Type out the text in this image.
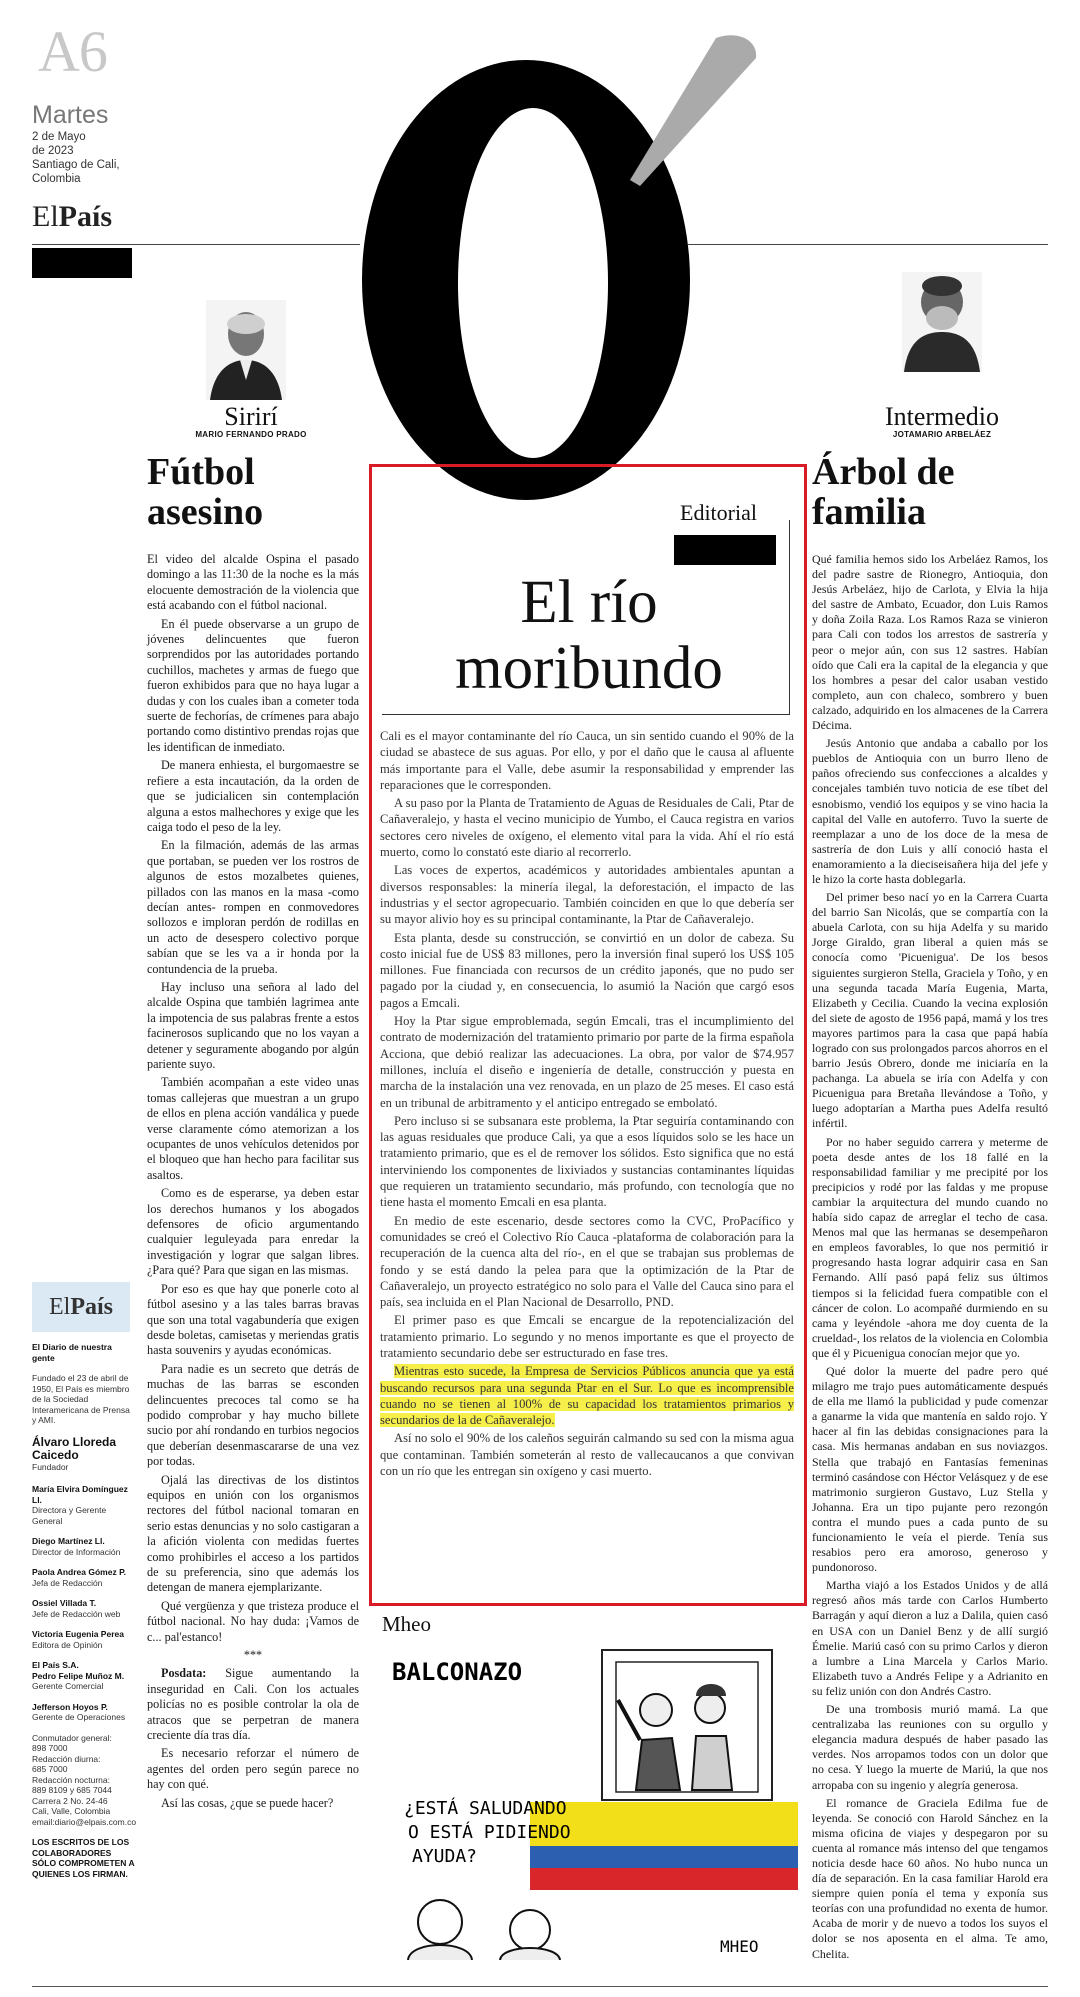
A6
Martes
2 de Mayo
de 2023
Santiago de Cali,
Colombia
ElPaís
Sirirí
MARIO FERNANDO PRADO
Intermedio
JOTAMARIO ARBELÁEZ
Fútbol asesino

El video del alcalde Ospina el pasado domingo a las 11:30 de la noche es la más elocuente demostración de la violencia que está acabando con el fútbol nacional.

En él puede observarse a un grupo de jóvenes delincuentes que fueron sorprendidos por las autoridades portando cuchillos, machetes y armas de fuego que fueron exhibidos para que no haya lugar a dudas y con los cuales iban a cometer toda suerte de fechorías, de crímenes para abajo portando como distintivo prendas rojas que les identifican de inmediato.

De manera enhiesta, el burgomaestre se refiere a esta incautación, da la orden de que se judicialicen sin contemplación alguna a estos malhechores y exige que les caiga todo el peso de la ley.

En la filmación, además de las armas que portaban, se pueden ver los rostros de algunos de estos mozalbetes quienes, pillados con las manos en la masa -como decían antes- rompen en conmovedores sollozos e imploran perdón de rodillas en un acto de desespero colectivo porque sabían que se les va a ir honda por la contundencia de la prueba.

Hay incluso una señora al lado del alcalde Ospina que también lagrimea ante la impotencia de sus palabras frente a estos facinerosos suplicando que no los vayan a detener y seguramente abogando por algún pariente suyo.

También acompañan a este video unas tomas callejeras que muestran a un grupo de ellos en plena acción vandálica y puede verse claramente cómo atemorizan a los ocupantes de unos vehículos detenidos por el bloqueo que han hecho para facilitar sus asaltos.

Como es de esperarse, ya deben estar los derechos humanos y los abogados defensores de oficio argumentando cualquier leguleyada para enredar la investigación y lograr que salgan libres. ¿Para qué? Para que sigan en las mismas.

Por eso es que hay que ponerle coto al fútbol asesino y a las tales barras bravas que son una total vagabundería que exigen desde boletas, camisetas y meriendas gratis hasta souvenirs y ayudas económicas.

Para nadie es un secreto que detrás de muchas de las barras se esconden delincuentes precoces tal como se ha podido comprobar y hay mucho billete sucio por ahí rondando en turbios negocios que deberían desenmascararse de una vez por todas.

Ojalá las directivas de los distintos equipos en unión con los organismos rectores del fútbol nacional tomaran en serio estas denuncias y no solo castigaran a la afición violenta con medidas fuertes como prohibirles el acceso a los partidos de su preferencia, sino que además los detengan de manera ejemplarizante.

Qué vergüenza y que tristeza produce el fútbol nacional. No hay duda: ¡Vamos de c... pal'estanco!

***

Posdata: Sigue aumentando la inseguridad en Cali. Con los actuales policías no es posible controlar la ola de atracos que se perpetran de manera creciente día tras día.

Es necesario reforzar el número de agentes del orden pero según parece no hay con qué.

Así las cosas, ¿que se puede hacer?

ElPaís
El Diario de nuestra gente
Fundado el 23 de abril de 1950, El País es miembro de la Sociedad Interamericana de Prensa y AMI.
Álvaro Lloreda Caicedo
Fundador
María Elvira Domínguez Ll.
Directora y Gerente General
Diego Martínez Ll.
Director de Información
Paola Andrea Gómez P.
Jefa de Redacción
Ossiel Villada T.
Jefe de Redacción web
Victoria Eugenia Perea
Editora de Opinión
El País S.A.
Pedro Felipe Muñoz M.
Gerente Comercial
Jefferson Hoyos P.
Gerente de Operaciones
Conmutador general:
898 7000
Redacción diurna:
685 7000
Redacción nocturna:
889 8109 y 685 7044
Carrera 2 No. 24-46
Cali, Valle, Colombia
email:diario@elpais.com.co
LOS ESCRITOS DE LOS COLABORADORES SÓLO COMPROMETEN A QUIENES LOS FIRMAN.
Editorial
El río moribundo

Cali es el mayor contaminante del río Cauca, un sin sentido cuando el 90% de la ciudad se abastece de sus aguas. Por ello, y por el daño que le causa al afluente más importante para el Valle, debe asumir la responsabilidad y emprender las reparaciones que le corresponden.

A su paso por la Planta de Tratamiento de Aguas de Residuales de Cali, Ptar de Cañaveralejo, y hasta el vecino municipio de Yumbo, el Cauca registra en varios sectores cero niveles de oxígeno, el elemento vital para la vida. Ahí el río está muerto, como lo constató este diario al recorrerlo.

Las voces de expertos, académicos y autoridades ambientales apuntan a diversos responsables: la minería ilegal, la deforestación, el impacto de las industrias y el sector agropecuario. También coinciden en que lo que debería ser su mayor alivio hoy es su principal contaminante, la Ptar de Cañaveralejo.

Esta planta, desde su construcción, se convirtió en un dolor de cabeza. Su costo inicial fue de US$ 83 millones, pero la inversión final superó los US$ 105 millones. Fue financiada con recursos de un crédito japonés, que no pudo ser pagado por la ciudad y, en consecuencia, lo asumió la Nación que cargó esos pagos a Emcali.

Hoy la Ptar sigue emproblemada, según Emcali, tras el incumplimiento del contrato de modernización del tratamiento primario por parte de la firma española Acciona, que debió realizar las adecuaciones. La obra, por valor de $74.957 millones, incluía el diseño e ingeniería de detalle, construcción y puesta en marcha de la instalación una vez renovada, en un plazo de 25 meses. El caso está en un tribunal de arbitramento y el anticipo entregado se embolató.

Pero incluso si se subsanara este problema, la Ptar seguiría contaminando con las aguas residuales que produce Cali, ya que a esos líquidos solo se les hace un tratamiento primario, que es el de remover los sólidos. Esto significa que no está interviniendo los componentes de lixiviados y sustancias contaminantes líquidas que requieren un tratamiento secundario, más profundo, con tecnología que no tiene hasta el momento Emcali en esa planta.

En medio de este escenario, desde sectores como la CVC, ProPacífico y comunidades se creó el Colectivo Río Cauca -plataforma de colaboración para la recuperación de la cuenca alta del río-, en el que se trabajan sus problemas de fondo y se está dando la pelea para que la optimización de la Ptar de Cañaveralejo, un proyecto estratégico no solo para el Valle del Cauca sino para el país, sea incluida en el Plan Nacional de Desarrollo, PND.

El primer paso es que Emcali se encargue de la repotencialización del tratamiento primario. Lo segundo y no menos importante es que el proyecto de tratamiento secundario debe ser estructurado en fase tres.

Mientras esto sucede, la Empresa de Servicios Públicos anuncia que ya está buscando recursos para una segunda Ptar en el Sur. Lo que es incomprensible cuando no se tienen al 100% de su capacidad los tratamientos primarios y secundarios de la de Cañaveralejo.

Así no solo el 90% de los caleños seguirán calmando su sed con la misma agua que contaminan. También someterán al resto de vallecaucanos a que convivan con un río que les entregan sin oxígeno y casi muerto.

Mheo
BALCONAZO
¿ESTÁ SALUDANDO
O ESTÁ PIDIENDO
AYUDA?
MHEO
Árbol de familia

Qué familia hemos sido los Arbeláez Ramos, los del padre sastre de Rionegro, Antioquia, don Jesús Arbeláez, hijo de Carlota, y Elvia la hija del sastre de Ambato, Ecuador, don Luis Ramos y doña Zoila Raza. Los Ramos Raza se vinieron para Cali con todos los arrestos de sastrería y peor o mejor aún, con sus 12 sastres. Habían oído que Cali era la capital de la elegancia y que los hombres a pesar del calor usaban vestido completo, aun con chaleco, sombrero y buen calzado, adquirido en los almacenes de la Carrera Décima.

Jesús Antonio que andaba a caballo por los pueblos de Antioquia con un burro lleno de paños ofreciendo sus confecciones a alcaldes y concejales también tuvo noticia de ese tíbet del esnobismo, vendió los equipos y se vino hacia la capital del Valle en autoferro. Tuvo la suerte de reemplazar a uno de los doce de la mesa de sastrería de don Luis y allí conoció hasta el enamoramiento a la dieciseisañera hija del jefe y le hizo la corte hasta doblegarla.

Del primer beso nací yo en la Carrera Cuarta del barrio San Nicolás, que se compartía con la abuela Carlota, con su hija Adelfa y su marido Jorge Giraldo, gran liberal a quien más se conocía como 'Picuenigua'. De los besos siguientes surgieron Stella, Graciela y Toño, y en una segunda tacada María Eugenia, Marta, Elizabeth y Cecilia. Cuando la vecina explosión del siete de agosto de 1956 papá, mamá y los tres mayores partimos para la casa que papá había logrado con sus prolongados parcos ahorros en el barrio Jesús Obrero, donde me iniciaría en la pachanga. La abuela se iría con Adelfa y con Picuenigua para Bretaña llevándose a Toño, y luego adoptarían a Martha pues Adelfa resultó infértil.

Por no haber seguido carrera y meterme de poeta desde antes de los 18 fallé en la responsabilidad familiar y me precipité por los precipicios y rodé por las faldas y me propuse cambiar la arquitectura del mundo cuando no había sido capaz de arreglar el techo de casa. Menos mal que las hermanas se desempeñaron en empleos favorables, lo que nos permitió ir progresando hasta lograr adquirir casa en San Fernando. Allí pasó papá feliz sus últimos tiempos si la felicidad fuera compatible con el cáncer de colon. Lo acompañé durmiendo en su cama y leyéndole -ahora me doy cuenta de la crueldad-, los relatos de la violencia en Colombia que él y Picuenigua conocían mejor que yo.

Qué dolor la muerte del padre pero qué milagro me trajo pues automáticamente después de ella me llamó la publicidad y pude comenzar a ganarme la vida que mantenía en saldo rojo. Y hacer al fin las debidas consignaciones para la casa. Mis hermanas andaban en sus noviazgos. Stella que trabajó en Fantasías femeninas terminó casándose con Héctor Velásquez y de ese matrimonio surgieron Gustavo, Luz Stella y Johanna. Era un tipo pujante pero rezongón contra el mundo pues a cada punto de su funcionamiento le veía el pierde. Tenía sus resabios pero era amoroso, generoso y pundonoroso.

Martha viajó a los Estados Unidos y de allá regresó años más tarde con Carlos Humberto Barragán y aquí dieron a luz a Dalila, quien casó en USA con un Daniel Benz y de allí surgió Émelie. Mariú casó con su primo Carlos y dieron a lumbre a Lina Marcela y Carlos Mario. Elizabeth tuvo a Andrés Felipe y a Adrianito en su feliz unión con don Andrés Castro.

De una trombosis murió mamá. La que centralizaba las reuniones con su orgullo y elegancia madura después de haber pasado las verdes. Nos arropamos todos con un dolor que no cesa. Y luego la muerte de Mariú, la que nos arropaba con su ingenio y alegría generosa.

El romance de Graciela Edilma fue de leyenda. Se conoció con Harold Sánchez en la misma oficina de viajes y despegaron por su cuenta al romance más intenso del que tengamos noticia desde hace 60 años. No hubo nunca un día de separación. En la casa familiar Harold era siempre quien ponía el tema y exponía sus teorías con una profundidad no exenta de humor. Acaba de morir y de nuevo a todos los suyos el dolor se nos aposenta en el alma. Te amo, Chelita.
